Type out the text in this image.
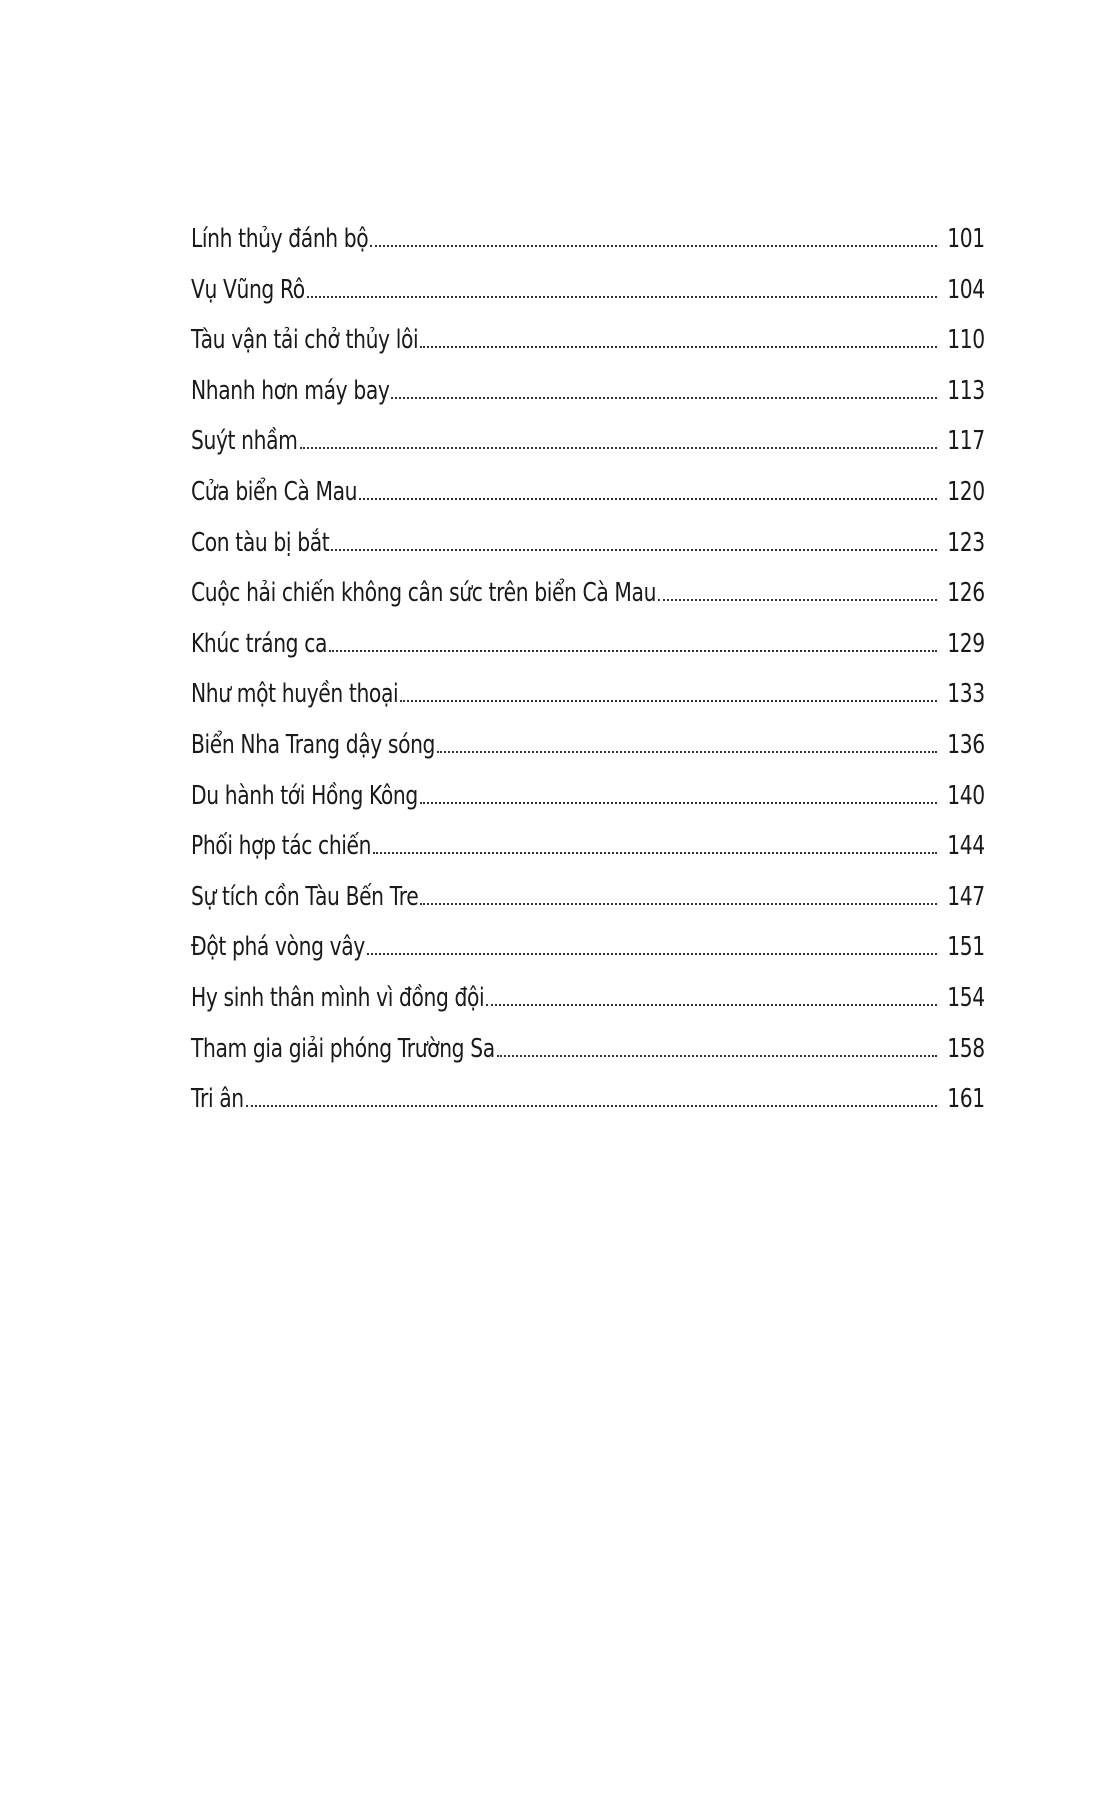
Lính thủy đánh bộ	101
Vụ Vũng Rô	104
Tàu vận tải chở thủy lôi	110
Nhanh hơn máy bay	113
Suýt nhầm	117
Cửa biển Cà Mau	120
Con tàu bị bắt	123
Cuộc hải chiến không cân sức trên biển Cà Mau	126
Khúc tráng ca	129
Như một huyền thoại	133
Biển Nha Trang dậy sóng	136
Du hành tới Hồng Kông	140
Phối hợp tác chiến	144
Sự tích cồn Tàu Bến Tre	147
Đột phá vòng vây	151
Hy sinh thân mình vì đồng đội	154
Tham gia giải phóng Trường Sa	158
Tri ân	161
